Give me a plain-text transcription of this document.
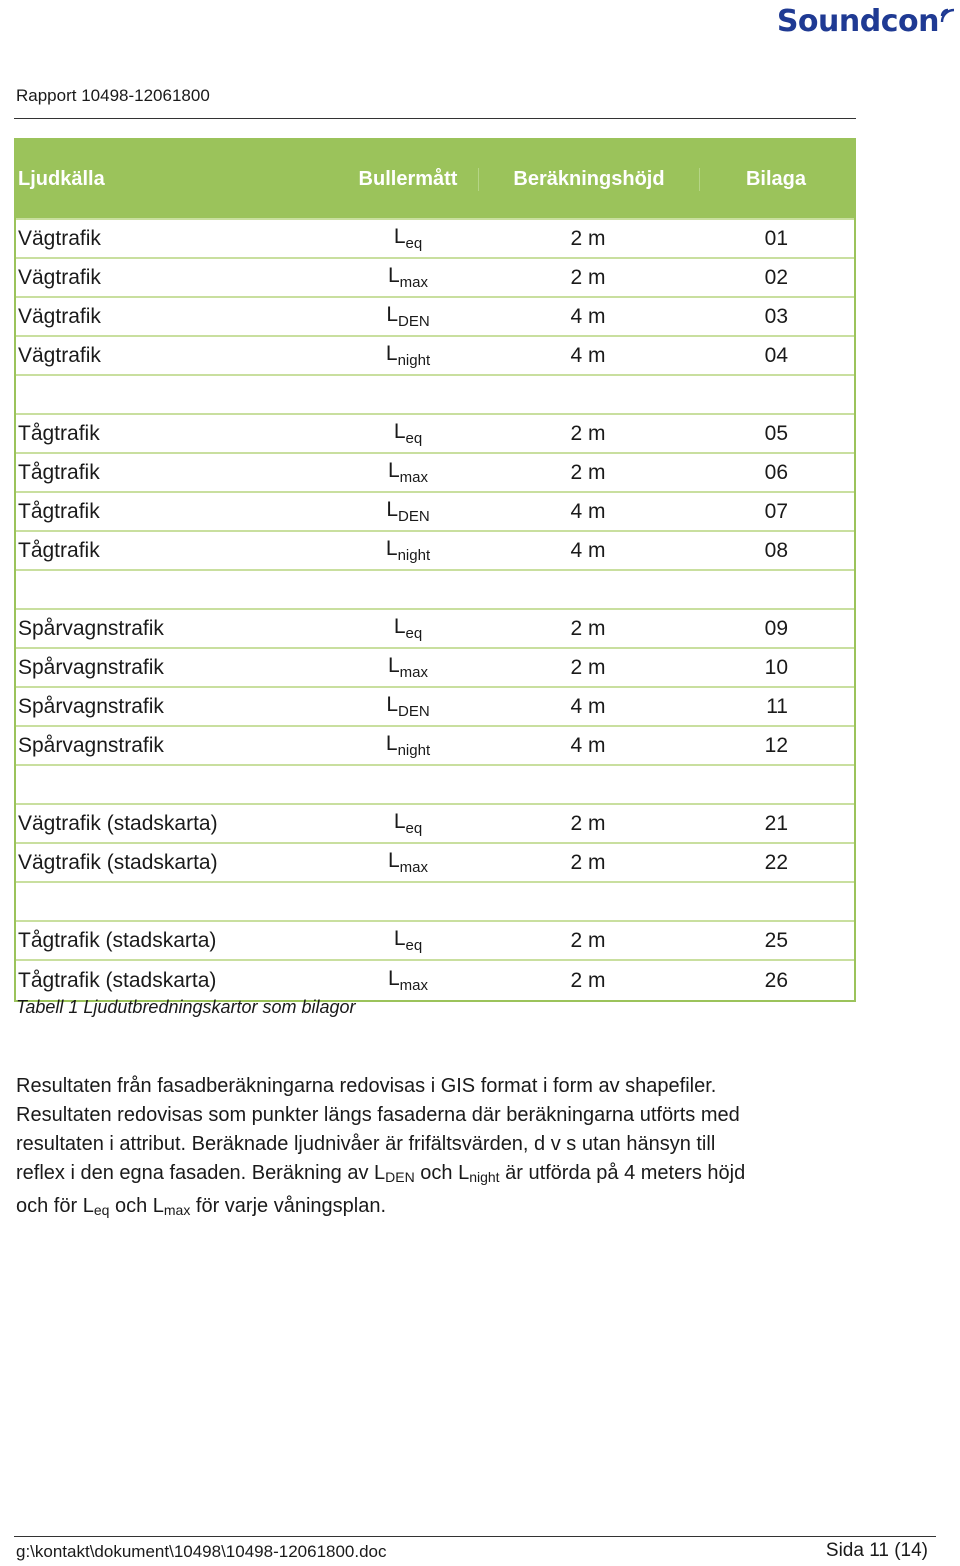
Soundcon
Rapport 10498-12061800
Ljudkälla	Bullermått	Beräkningshöjd	Bilaga
Vägtrafik	$L_{eq}$	2 m	01
Vägtrafik	$L_{max}$	2 m	02
Vägtrafik	$L_{DEN}$	4 m	03
Vägtrafik	$L_{night}$	4 m	04
Tågtrafik	$L_{eq}$	2 m	05
Tågtrafik	$L_{max}$	2 m	06
Tågtrafik	$L_{DEN}$	4 m	07
Tågtrafik	$L_{night}$	4 m	08
Spårvagnstrafik	$L_{eq}$	2 m	09
Spårvagnstrafik	$L_{max}$	2 m	10
Spårvagnstrafik	$L_{DEN}$	4 m	11
Spårvagnstrafik	$L_{night}$	4 m	12
Vägtrafik (stadskarta)	$L_{eq}$	2 m	21
Vägtrafik (stadskarta)	$L_{max}$	2 m	22
Tågtrafik (stadskarta)	$L_{eq}$	2 m	25
Tågtrafik (stadskarta)	$L_{max}$	2 m	26
Tabell 1 Ljudutbredningskartor som bilagor
Resultaten från fasadberäkningarna redovisas i GIS format i form av shapefiler.
Resultaten redovisas som punkter längs fasaderna där beräkningarna utförts med
resultaten i attribut. Beräknade ljudnivåer är frifältsvärden, d v s utan hänsyn till
reflex i den egna fasaden. Beräkning av $L_{DEN}$ och $L_{night}$ är utförda på 4 meters höjd
och för $L_{eq}$ och $L_{max}$ för varje våningsplan.
g:\kontakt\dokument\10498\10498-12061800.doc	Sida 11 (14)
